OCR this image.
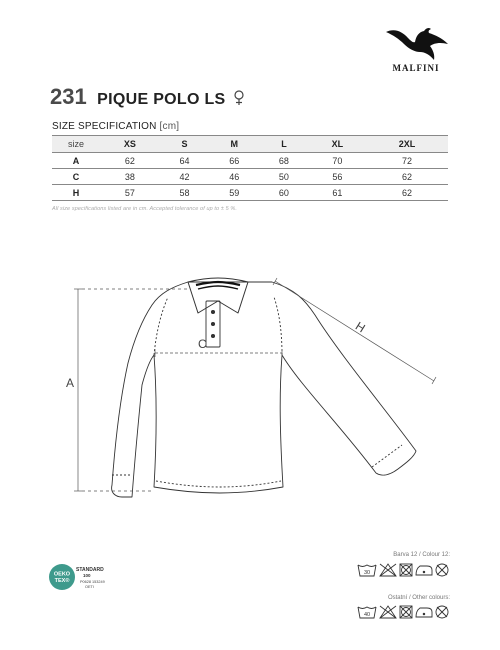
MALFINI
231 PIQUE POLO LS
SIZE SPECIFICATION [cm]
size	XS	S	M	L	XL	2XL
A	62	64	66	68	70	72
C	38	42	46	50	56	62
H	57	58	59	60	61	62
All size specifications listed are in cm. Accepted tolerance of up to ± 5 %.
A
C
H
OEKO
TEX®
STANDARD
100
P0628 153249
OETI
Barva 12 / Colour 12:
30
Ostatní / Other colours:
40
